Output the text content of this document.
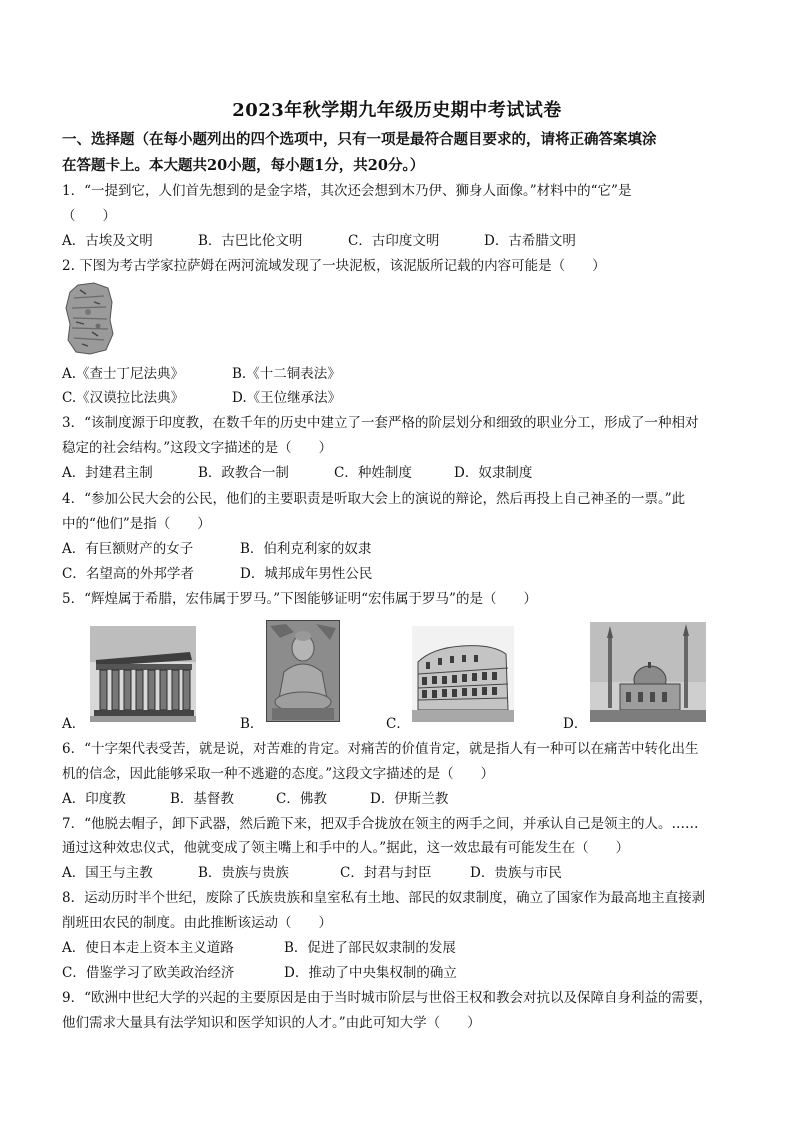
2023年秋学期九年级历史期中考试试卷
一、选择题（在每小题列出的四个选项中，只有一项是最符合题目要求的，请将正确答案填涂
在答题卡上。本大题共20小题，每小题1分，共20分。）
1．“一提到它，人们首先想到的是金字塔，其次还会想到木乃伊、狮身人面像。”材料中的“它”是
（　　）
A．古埃及文明	B．古巴比伦文明	C．古印度文明	D．古希腊文明
2. 下图为考古学家拉萨姆在两河流域发现了一块泥板，该泥版所记载的内容可能是（　　）
A.《查士丁尼法典》	B.《十二铜表法》
C.《汉谟拉比法典》	D.《王位继承法》
3．“该制度源于印度教，在数千年的历史中建立了一套严格的阶层划分和细致的职业分工，形成了一种相对
稳定的社会结构。”这段文字描述的是（　　）
A．封建君主制	B．政教合一制	C．种姓制度	D．奴隶制度
4．“参加公民大会的公民，他们的主要职责是听取大会上的演说的辩论，然后再投上自己神圣的一票。”此
中的“他们”是指（　　）
A．有巨额财产的女子	B．伯利克利家的奴隶
C．名望高的外邦学者	D．城邦成年男性公民
5．“辉煌属于希腊，宏伟属于罗马。”下图能够证明“宏伟属于罗马”的是（　　）
A．	B．	C．	D．
6．“十字架代表受苦，就是说，对苦难的肯定。对痛苦的价值肯定，就是指人有一种可以在痛苦中转化出生
机的信念，因此能够采取一种不逃避的态度。”这段文字描述的是（　　）
A．印度教	B．基督教	C．佛教	D．伊斯兰教
7．“他脱去帽子，卸下武器，然后跪下来，把双手合拢放在领主的两手之间，并承认自己是领主的人。……
通过这种效忠仪式，他就变成了领主嘴上和手中的人。”据此，这一效忠最有可能发生在（　　）
A．国王与主教	B．贵族与贵族	C．封君与封臣	D．贵族与市民
8．运动历时半个世纪，废除了氏族贵族和皇室私有土地、部民的奴隶制度，确立了国家作为最高地主直接剥
削班田农民的制度。由此推断该运动（　　）
A．使日本走上资本主义道路	B．促进了部民奴隶制的发展
C．借鉴学习了欧美政治经济	D．推动了中央集权制的确立
9．“欧洲中世纪大学的兴起的主要原因是由于当时城市阶层与世俗王权和教会对抗以及保障自身利益的需要，
他们需求大量具有法学知识和医学知识的人才。”由此可知大学（　　）
